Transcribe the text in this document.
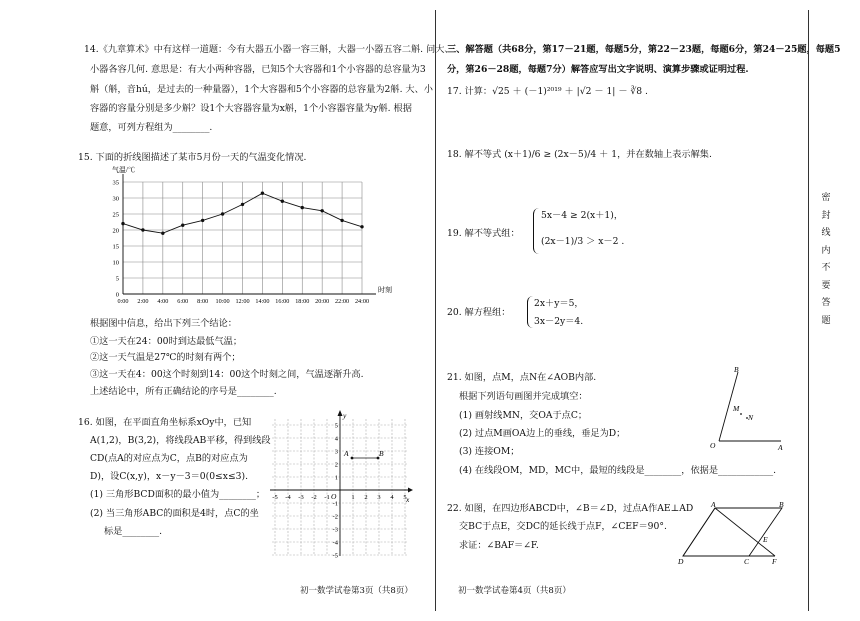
14.《九章算术》中有这样一道题：今有大器五小器一容三斛，大器一小器五容二斛. 问大、
小器各容几何. 意思是：有大小两种容器，已知5个大容器和1个小容器的总容量为3
斛（斛，音hú，是过去的一种量器），1个大容器和5个小容器的总容量为2斛. 大、小
容器的容量分别是多少斛？设1个大容器容量为x斛，1个小容器容量为y斛. 根据
题意，可列方程组为________.
15. 下面的折线图描述了某市5月份一天的气温变化情况.
0
5
10
15
20
25
30
35
0:00 2:00 4:00 6:00 8:00 10:00 12:00 14:00 16:00 18:00 20:00 22:00 24:00
气温/℃
时刻
根据图中信息，给出下列三个结论：
①这一天在24：00时到达最低气温；
②这一天气温是27℃的时刻有两个；
③这一天在4：00这个时刻到14：00这个时刻之间，气温逐渐升高.
上述结论中，所有正确结论的序号是________.
16. 如图，在平面直角坐标系xOy中，已知
A(1,2)，B(3,2)，将线段AB平移，得到线段
CD(点A的对应点为C，点B的对应点为
D)，设C(x,y)，x－y－3＝0(0≤x≤3).
(1) 三角形BCD面积的最小值为________；
(2) 当三角形ABC的面积是4时，点C的坐
标是________.
A	B
O	x
y
-5 -4 -3 -2 -1	1 2 3 4 5
5
4
3
2
1
-1
-2
-3
-4
-5
初一数学试卷第3页（共8页）
三、解答题（共68分，第17－21题，每题5分，第22－23题，每题6分，第24－25题，每题5
分，第26－28题，每题7分）解答应写出文字说明、演算步骤或证明过程.
17. 计算：√25 ＋ (－1)²⁰¹⁹ ＋ |√2 － 1| － ∛8 .
18. 解不等式 (x＋1)/6 ≥ (2x－5)/4 ＋ 1，并在数轴上表示解集.
19. 解不等式组：
5x－4 ≥ 2(x＋1)，
(2x－1)/3 ＞ x－2 .
20. 解方程组：
2x＋y＝5，
3x－2y＝4.
21. 如图，点M，点N在∠AOB内部.
根据下列语句画图并完成填空：
(1) 画射线MN，交OA于点C；
(2) 过点M画OA边上的垂线，垂足为D；
(3) 连接OM；
(4) 在线段OM，MD，MC中，最短的线段是________，依据是____________.
B
M
N
O	A
22. 如图，在四边形ABCD中，∠B＝∠D，过点A作AE⊥AD
交BC于点E，交DC的延长线于点F，∠CEF＝90°.
求证：∠BAF＝∠F.
A	B
E
D	C	F
初一数学试卷第4页（共8页）
密
封
线
内
不
要
答
题
